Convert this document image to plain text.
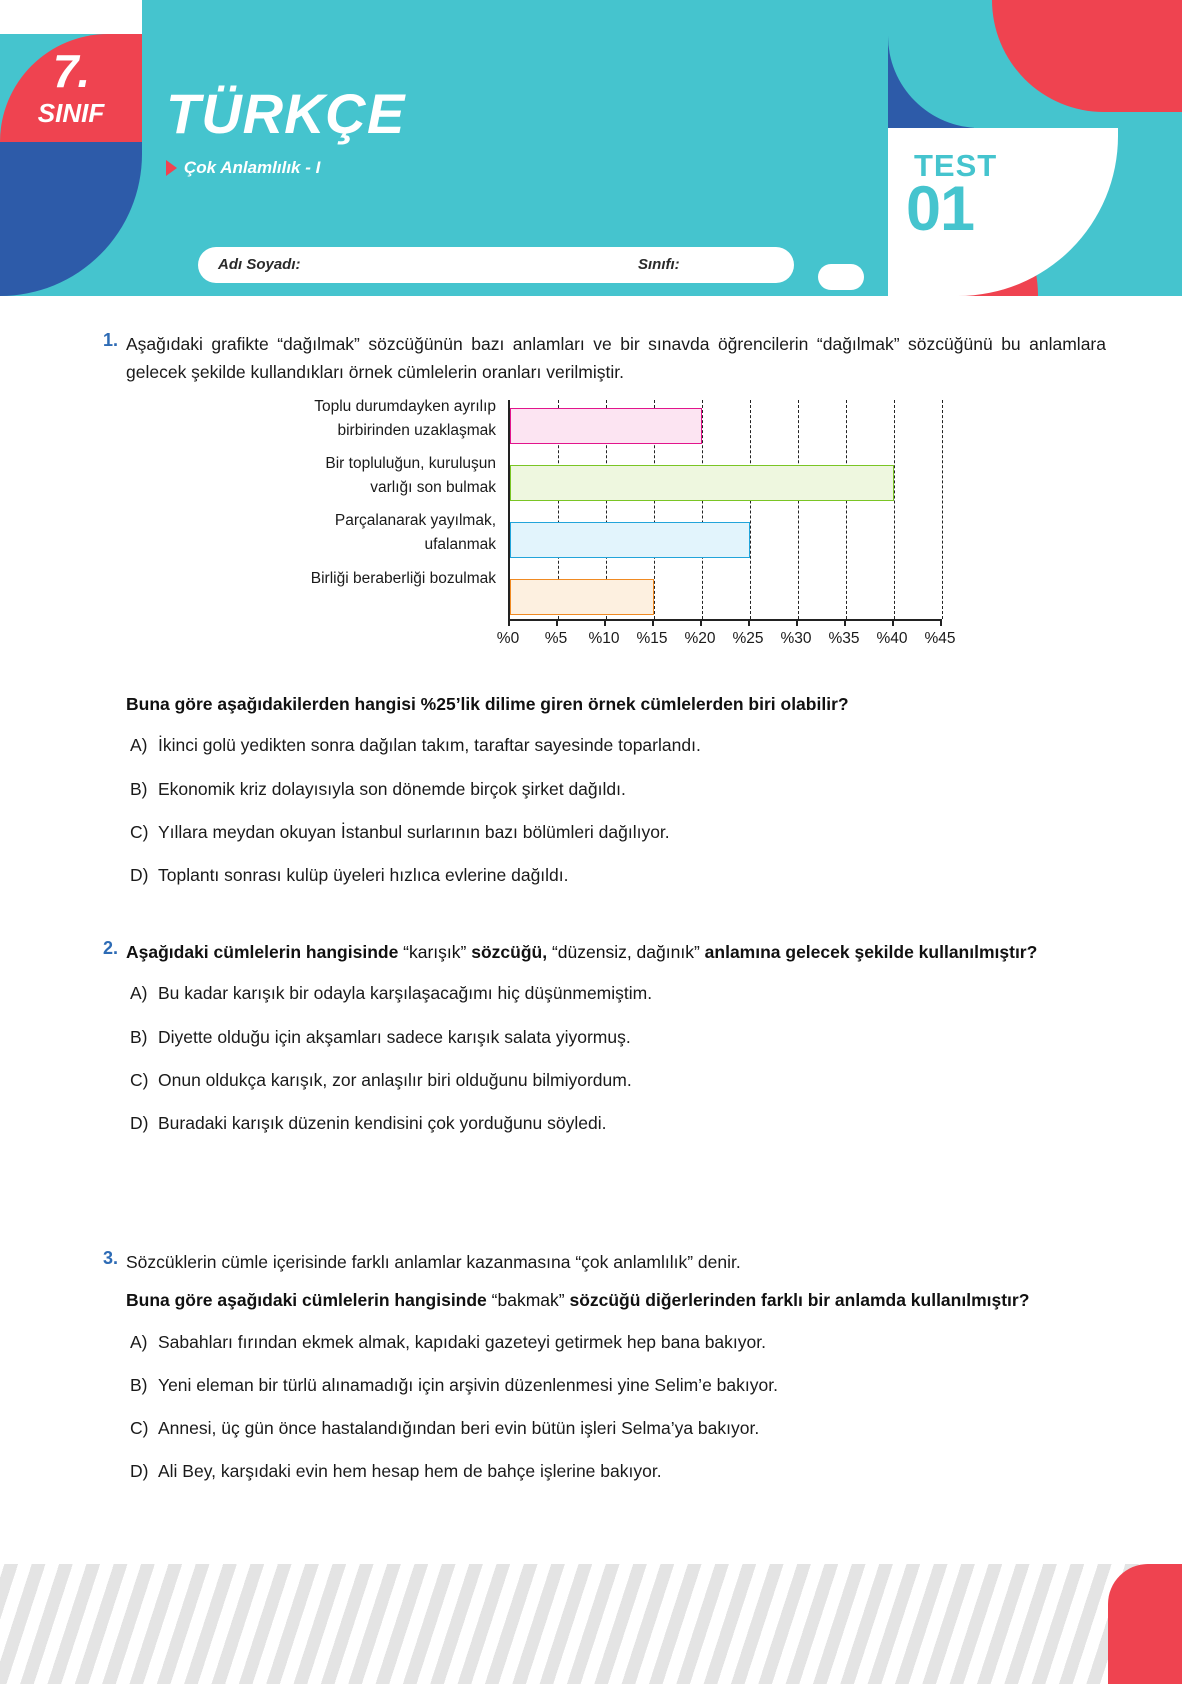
7.
SINIF	TÜRKÇE
Çok Anlamlılık - I	TEST
01
Adı Soyadı:	Sınıfı:
1. Aşağıdaki grafikte “dağılmak” sözcüğünün bazı anlamları ve bir sınavda öğrencilerin “dağılmak” sözcüğünü bu anlamlara gelecek şekilde kullandıkları örnek cümlelerin oranları verilmiştir.
Toplu durumdayken ayrılıp
birbirinden uzaklaşmak
Bir topluluğun, kuruluşun
varlığı son bulmak
Parçalanarak yayılmak,
ufalanmak
Birliği beraberliği bozulmak
%0	%5	%10	%15	%20	%25	%30	%35	%40	%45
Buna göre aşağıdakilerden hangisi %25’lik dilime giren örnek cümlelerden biri olabilir?
A) İkinci golü yedikten sonra dağılan takım, taraftar sayesinde toparlandı.
B) Ekonomik kriz dolayısıyla son dönemde birçok şirket dağıldı.
C) Yıllara meydan okuyan İstanbul surlarının bazı bölümleri dağılıyor.
D) Toplantı sonrası kulüp üyeleri hızlıca evlerine dağıldı.
2. Aşağıdaki cümlelerin hangisinde “karışık” sözcüğü, “düzensiz, dağınık” anlamına gelecek şekilde kullanılmıştır?
A) Bu kadar karışık bir odayla karşılaşacağımı hiç düşünmemiştim.
B) Diyette olduğu için akşamları sadece karışık salata yiyormuş.
C) Onun oldukça karışık, zor anlaşılır biri olduğunu bilmiyordum.
D) Buradaki karışık düzenin kendisini çok yorduğunu söyledi.
3. Sözcüklerin cümle içerisinde farklı anlamlar kazanmasına “çok anlamlılık” denir.
Buna göre aşağıdaki cümlelerin hangisinde “bakmak” sözcüğü diğerlerinden farklı bir anlamda kullanılmıştır?
A) Sabahları fırından ekmek almak, kapıdaki gazeteyi getirmek hep bana bakıyor.
B) Yeni eleman bir türlü alınamadığı için arşivin düzenlenmesi yine Selim’e bakıyor.
C) Annesi, üç gün önce hastalandığından beri evin bütün işleri Selma’ya bakıyor.
D) Ali Bey, karşıdaki evin hem hesap hem de bahçe işlerine bakıyor.
